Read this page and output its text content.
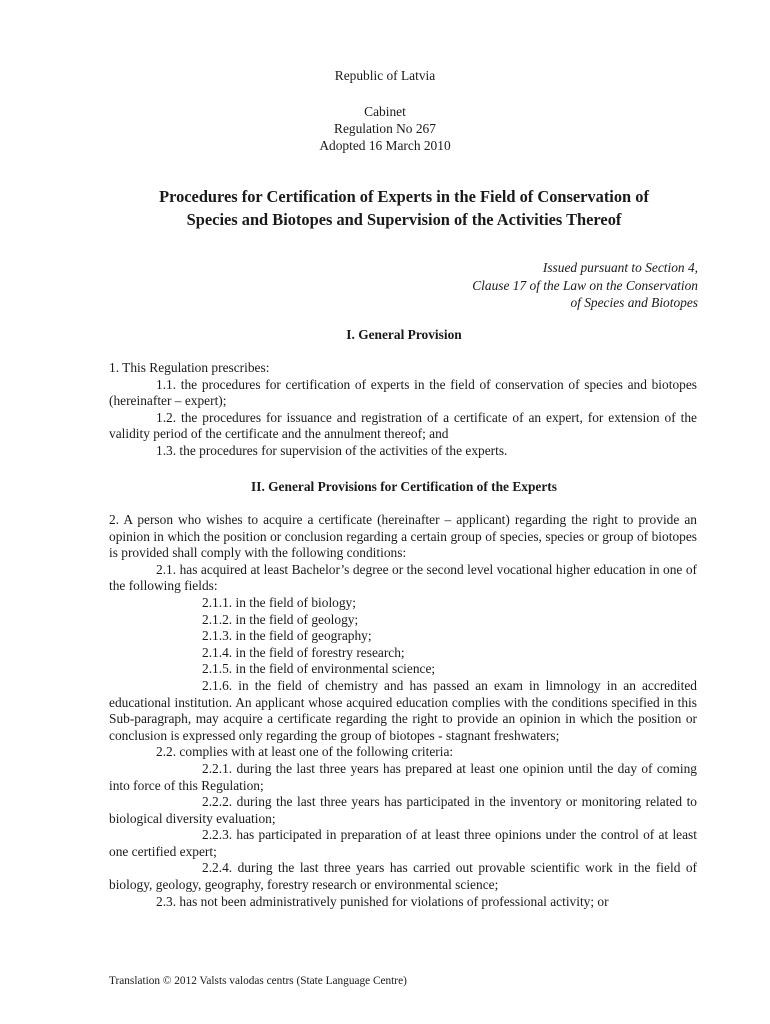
Republic of Latvia
Cabinet
Regulation No 267
Adopted 16 March 2010
Procedures for Certification of Experts in the Field of Conservation of
Species and Biotopes and Supervision of the Activities Thereof
Issued pursuant to Section 4,
Clause 17 of the Law on the Conservation
of Species and Biotopes
I. General Provision

1. This Regulation prescribes:

1.1. the procedures for certification of experts in the field of conservation of species and biotopes (hereinafter – expert);

1.2. the procedures for issuance and registration of a certificate of an expert, for extension of the validity period of the certificate and the annulment thereof; and

1.3. the procedures for supervision of the activities of the experts.

II. General Provisions for Certification of the Experts

2. A person who wishes to acquire a certificate (hereinafter – applicant) regarding the right to provide an opinion in which the position or conclusion regarding a certain group of species, species or group of biotopes is provided shall comply with the following conditions:

2.1. has acquired at least Bachelor’s degree or the second level vocational higher education in one of the following fields:

2.1.1. in the field of biology;

2.1.2. in the field of geology;

2.1.3. in the field of geography;

2.1.4. in the field of forestry research;

2.1.5. in the field of environmental science;

2.1.6. in the field of chemistry and has passed an exam in limnology in an accredited educational institution. An applicant whose acquired education complies with the conditions specified in this Sub-paragraph, may acquire a certificate regarding the right to provide an opinion in which the position or conclusion is expressed only regarding the group of biotopes - stagnant freshwaters;

2.2. complies with at least one of the following criteria:

2.2.1. during the last three years has prepared at least one opinion until the day of coming into force of this Regulation;

2.2.2. during the last three years has participated in the inventory or monitoring related to biological diversity evaluation;

2.2.3. has participated in preparation of at least three opinions under the control of at least one certified expert;

2.2.4. during the last three years has carried out provable scientific work in the field of biology, geology, geography, forestry research or environmental science;

2.3. has not been administratively punished for violations of professional activity; or

Translation © 2012 Valsts valodas centrs (State Language Centre)
